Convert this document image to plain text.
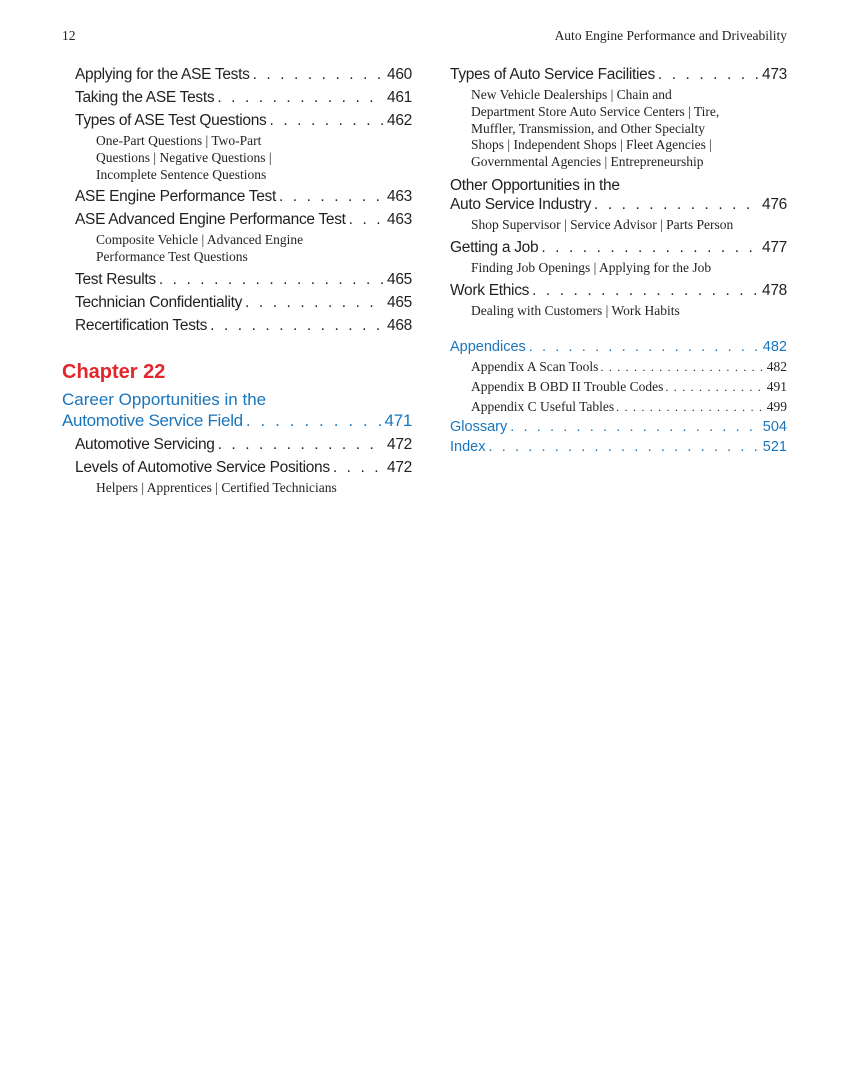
12	Auto Engine Performance and Driveability
Applying for the ASE Tests . . .	460
Taking the ASE Tests . . .	461
Types of ASE Test Questions . . .	462
One-Part Questions | Two-Part
Questions | Negative Questions |
Incomplete Sentence Questions
ASE Engine Performance Test . . .	463
ASE Advanced Engine Performance Test . . .	463
Composite Vehicle | Advanced Engine
Performance Test Questions
Test Results . . .	465
Technician Confidentiality . . .	465
Recertification Tests . . .	468
Chapter 22
Career Opportunities in the
Automotive Service Field . . .	471
Automotive Servicing . . .	472
Levels of Automotive Service Positions . . .	472
Helpers | Apprentices | Certified Technicians
Types of Auto Service Facilities . . .	473
New Vehicle Dealerships | Chain and
Department Store Auto Service Centers | Tire,
Muffler, Transmission, and Other Specialty
Shops | Independent Shops | Fleet Agencies |
Governmental Agencies | Entrepreneurship
Other Opportunities in the
Auto Service Industry . . .	476
Shop Supervisor | Service Advisor | Parts Person
Getting a Job . . .	477
Finding Job Openings | Applying for the Job
Work Ethics . . .	478
Dealing with Customers | Work Habits
Appendices . . .	482
Appendix A Scan Tools . . .	482
Appendix B OBD II Trouble Codes . . .	491
Appendix C Useful Tables . . .	499
Glossary . . .	504
Index . . .	521
